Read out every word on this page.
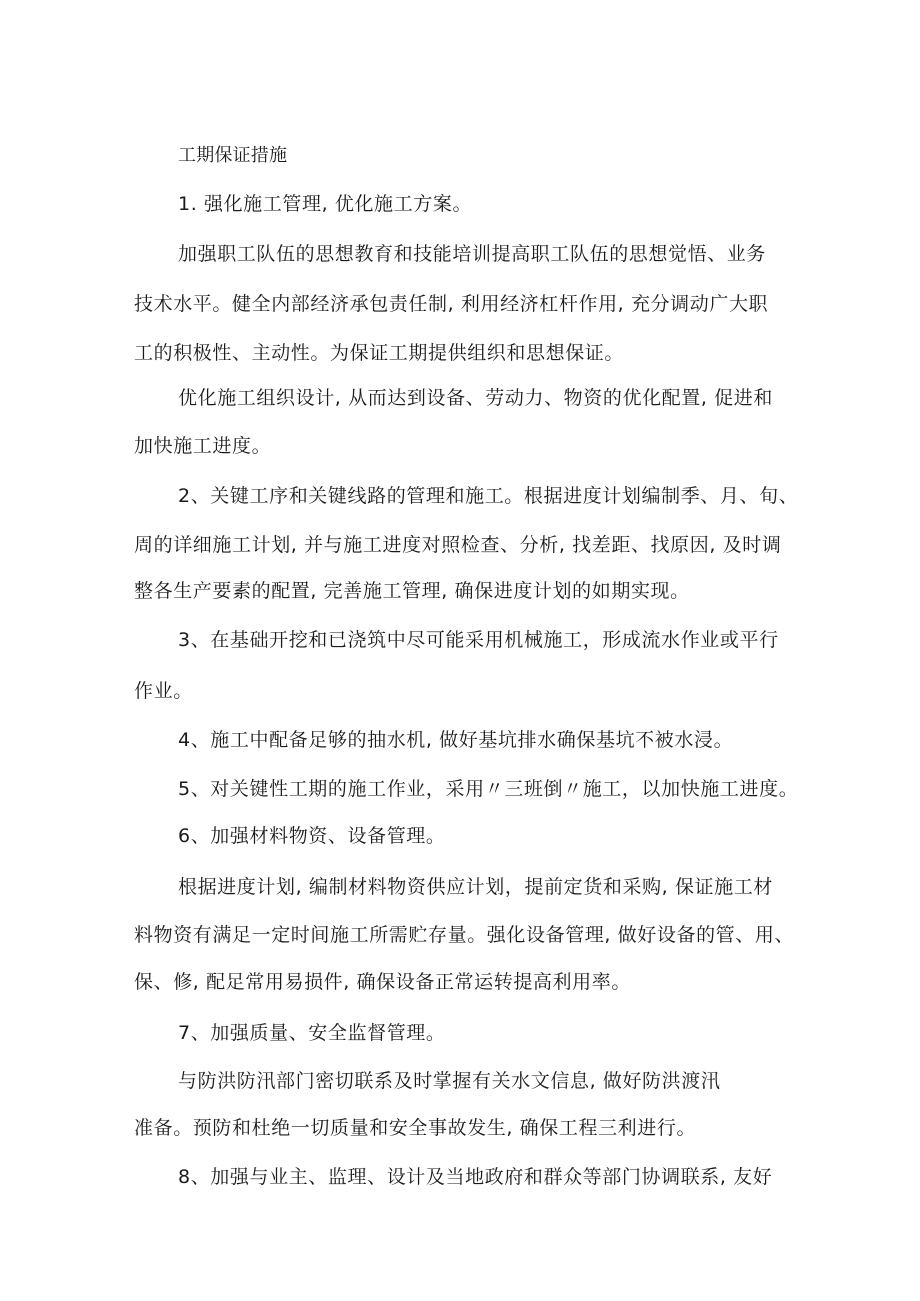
工期保证措施
1. 强化施工管理, 优化施工方案。
加强职工队伍的思想教育和技能培训提高职工队伍的思想觉悟、业务
技术水平。健全内部经济承包责任制, 利用经济杠杆作用, 充分调动广大职
工的积极性、主动性。为保证工期提供组织和思想保证。
优化施工组织设计, 从而达到设备、劳动力、物资的优化配置, 促进和
加快施工进度。
2、关键工序和关键线路的管理和施工。根据进度计划编制季、月、旬、
周的详细施工计划, 并与施工进度对照检查、分析, 找差距、找原因, 及时调
整各生产要素的配置, 完善施工管理, 确保进度计划的如期实现。
3、在基础开挖和已浇筑中尽可能采用机械施工，形成流水作业或平行
作业。
4、施工中配备足够的抽水机, 做好基坑排水确保基坑不被水浸。
5、对关键性工期的施工作业，采用〃三班倒〃施工，以加快施工进度。
6、加强材料物资、设备管理。
根据进度计划, 编制材料物资供应计划，提前定货和采购, 保证施工材
料物资有满足一定时间施工所需贮存量。强化设备管理, 做好设备的管、用、
保、修, 配足常用易损件, 确保设备正常运转提高利用率。
7、加强质量、安全监督管理。
与防洪防汛部门密切联系及时掌握有关水文信息, 做好防洪渡汛
准备。预防和杜绝一切质量和安全事故发生, 确保工程三利进行。
8、加强与业主、监理、设计及当地政府和群众等部门协调联系, 友好
